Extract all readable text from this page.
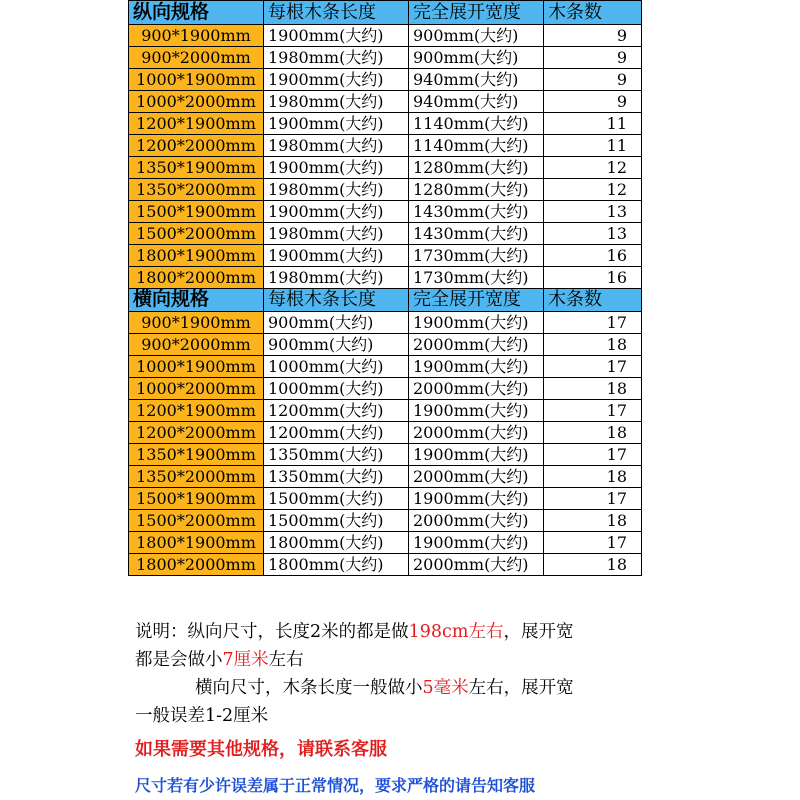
纵向规格	每根木条长度	完全展开宽度	木条数
900*1900mm	1900mm(大约)	900mm(大约)	9
900*2000mm	1980mm(大约)	900mm(大约)	9
1000*1900mm	1900mm(大约)	940mm(大约)	9
1000*2000mm	1980mm(大约)	940mm(大约)	9
1200*1900mm	1900mm(大约)	1140mm(大约)	11
1200*2000mm	1980mm(大约)	1140mm(大约)	11
1350*1900mm	1900mm(大约)	1280mm(大约)	12
1350*2000mm	1980mm(大约)	1280mm(大约)	12
1500*1900mm	1900mm(大约)	1430mm(大约)	13
1500*2000mm	1980mm(大约)	1430mm(大约)	13
1800*1900mm	1900mm(大约)	1730mm(大约)	16
1800*2000mm	1980mm(大约)	1730mm(大约)	16
横向规格	每根木条长度	完全展开宽度	木条数
900*1900mm	900mm(大约)	1900mm(大约)	17
900*2000mm	900mm(大约)	2000mm(大约)	18
1000*1900mm	1000mm(大约)	1900mm(大约)	17
1000*2000mm	1000mm(大约)	2000mm(大约)	18
1200*1900mm	1200mm(大约)	1900mm(大约)	17
1200*2000mm	1200mm(大约)	2000mm(大约)	18
1350*1900mm	1350mm(大约)	1900mm(大约)	17
1350*2000mm	1350mm(大约)	2000mm(大约)	18
1500*1900mm	1500mm(大约)	1900mm(大约)	17
1500*2000mm	1500mm(大约)	2000mm(大约)	18
1800*1900mm	1800mm(大约)	1900mm(大约)	17
1800*2000mm	1800mm(大约)	2000mm(大约)	18
说明：纵向尺寸，长度2米的都是做198cm左右，展开宽
都是会做小7厘米左右
横向尺寸，木条长度一般做小5毫米左右，展开宽
一般误差1-2厘米
如果需要其他规格，请联系客服
尺寸若有少许误差属于正常情况，要求严格的请告知客服
